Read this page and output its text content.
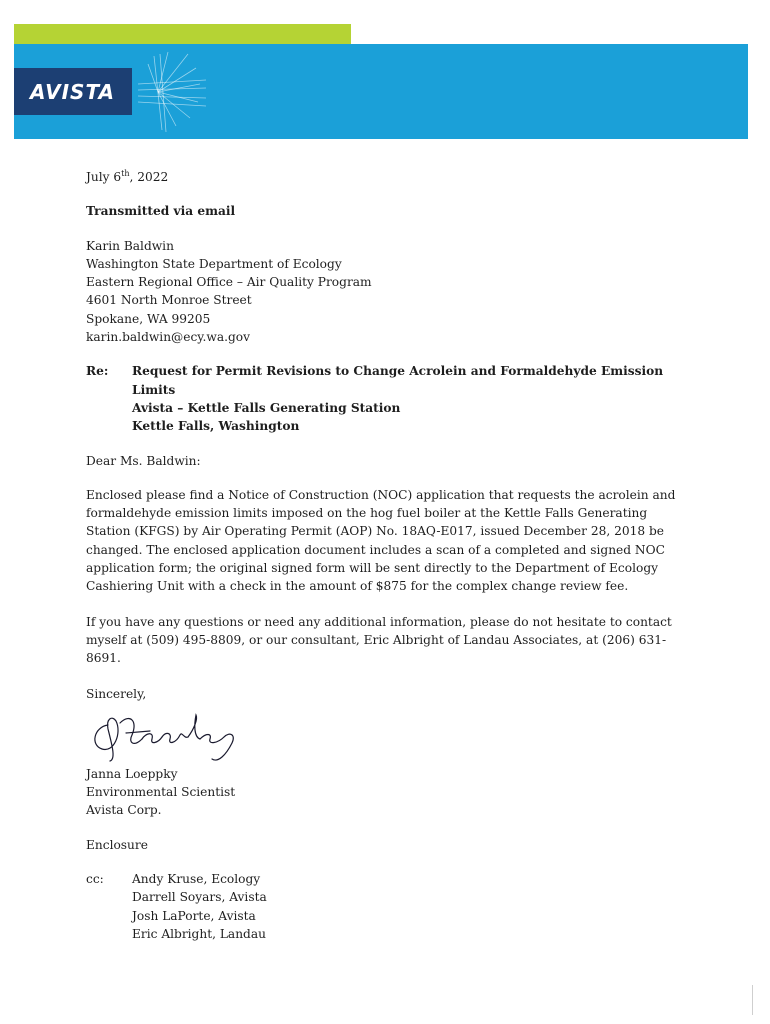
AVISTA

July 6th, 2022

Transmitted via email

Karin Baldwin

Washington State Department of Ecology

Eastern Regional Office – Air Quality Program

4601 North Monroe Street

Spokane, WA 99205

karin.baldwin@ecy.wa.gov

Re:	Request for Permit Revisions to Change Acrolein and Formaldehyde Emission Limits

Avista – Kettle Falls Generating Station

Kettle Falls, Washington

Dear Ms. Baldwin:

Enclosed please find a Notice of Construction (NOC) application that requests the acrolein and formaldehyde emission limits imposed on the hog fuel boiler at the Kettle Falls Generating Station (KFGS) by Air Operating Permit (AOP) No. 18AQ-E017, issued December 28, 2018 be changed. The enclosed application document includes a scan of a completed and signed NOC application form; the original signed form will be sent directly to the Department of Ecology Cashiering Unit with a check in the amount of $875 for the complex change review fee.

If you have any questions or need any additional information, please do not hesitate to contact myself at (509) 495-8809, or our consultant, Eric Albright of Landau Associates, at (206) 631-8691.

Sincerely,

Janna Loeppky

Environmental Scientist

Avista Corp.

Enclosure

cc:	Andy Kruse, Ecology

Darrell Soyars, Avista

Josh LaPorte, Avista

Eric Albright, Landau
